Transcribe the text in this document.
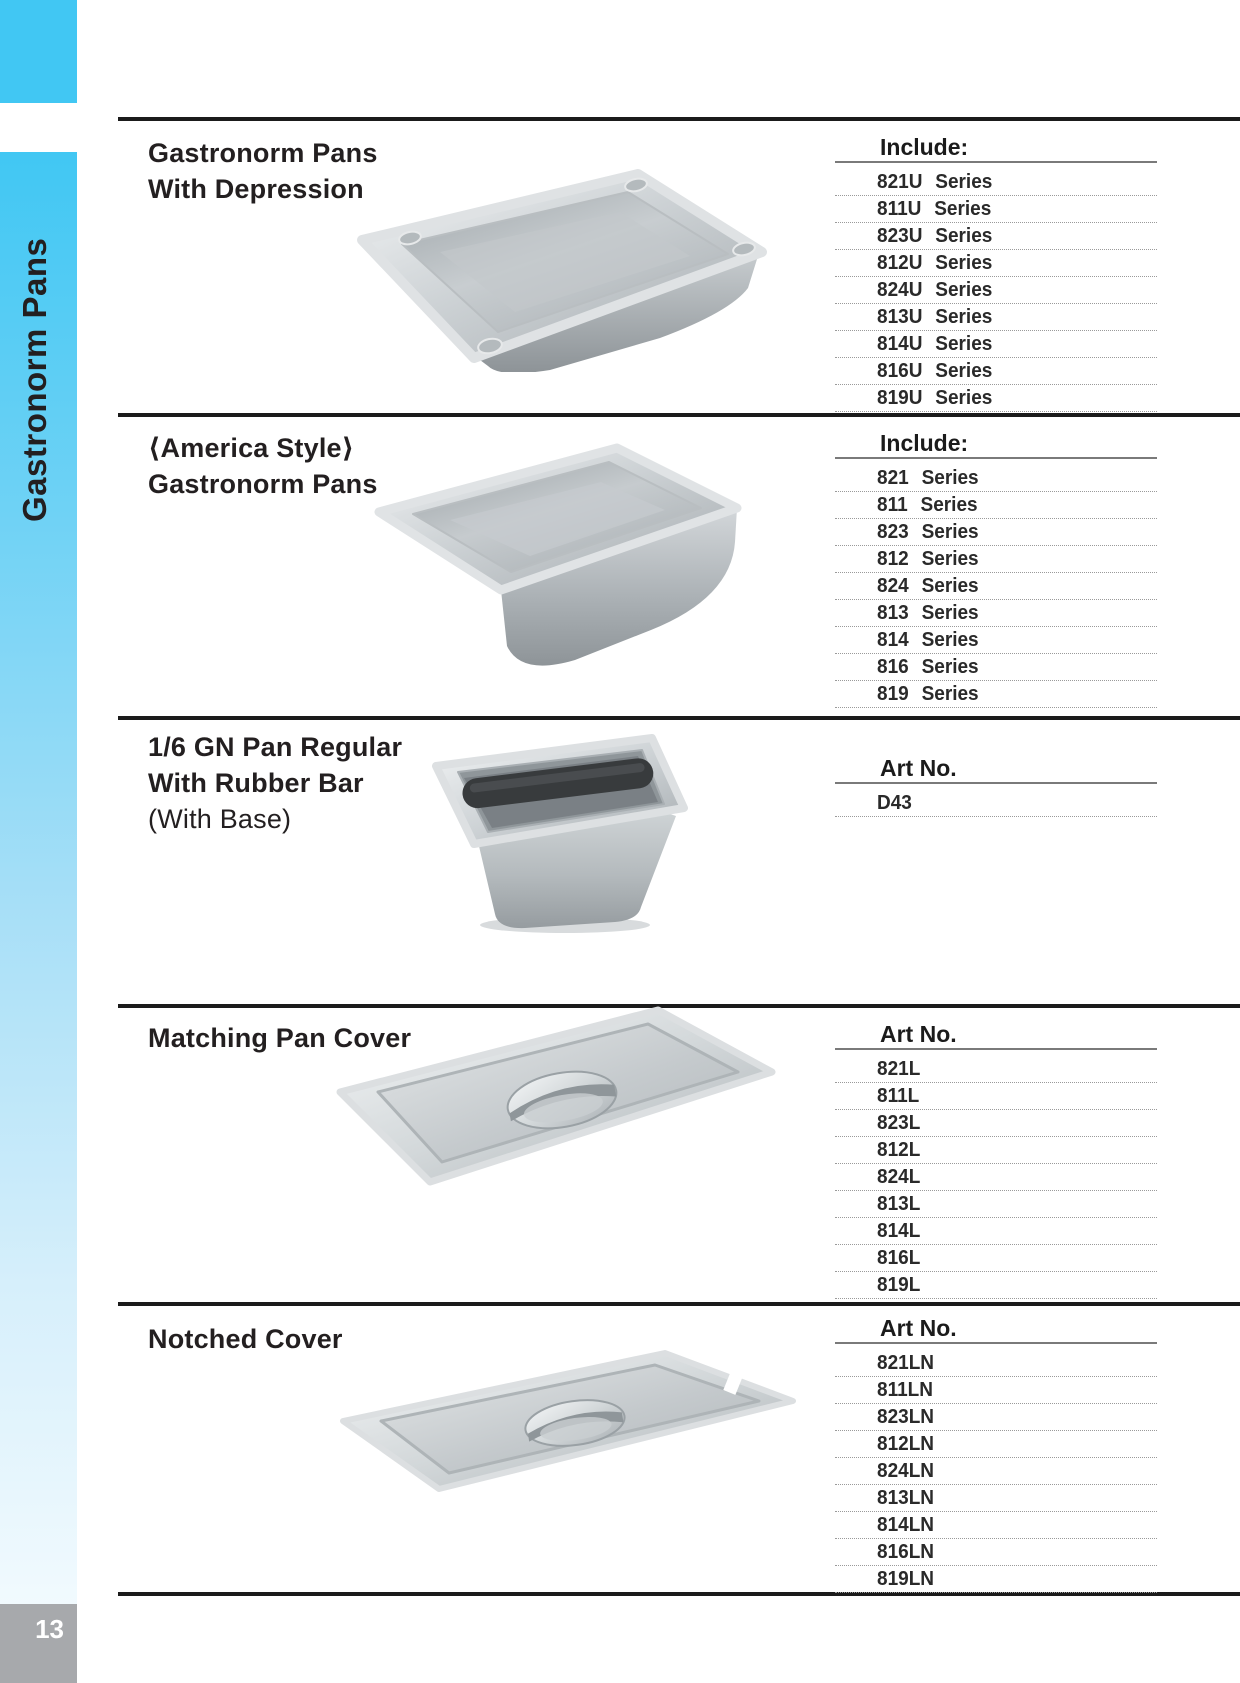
Gastronorm Pans
13
Gastronorm Pans
With Depression
Include:
821U Series
811U Series
823U Series
812U Series
824U Series
813U Series
814U Series
816U Series
819U Series
⟨America Style⟩
Gastronorm Pans
Include:
821 Series
811 Series
823 Series
812 Series
824 Series
813 Series
814 Series
816 Series
819 Series
1/6 GN Pan Regular
With Rubber Bar
(With Base)
Art No.
D43
Matching Pan Cover	Art No.
821L
811L
823L
812L
824L
813L
814L
816L
819L
Notched Cover	Art No.
821LN
811LN
823LN
812LN
824LN
813LN
814LN
816LN
819LN
